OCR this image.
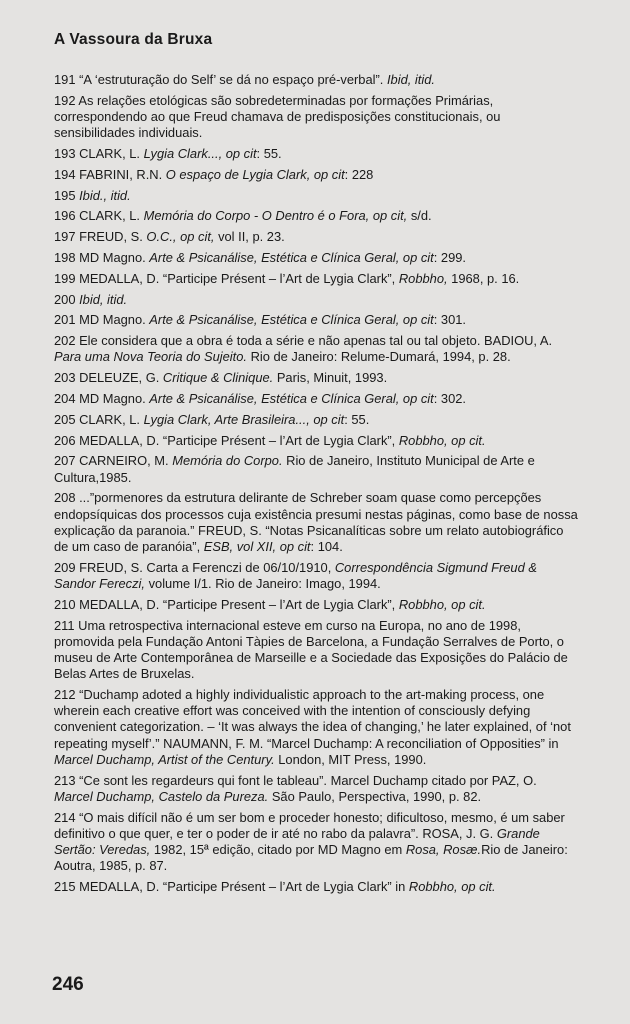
A Vassoura da Bruxa

191 “A ‘estruturação do Self’ se dá no espaço pré-verbal”. Ibid, itid.

192 As relações etológicas são sobredeterminadas por formações Primárias, correspondendo ao que Freud chamava de predisposições constitucionais, ou sensibilidades individuais.

193 CLARK, L. Lygia Clark..., op cit: 55.

194 FABRINI, R.N. O espaço de Lygia Clark, op cit: 228

195 Ibid., itid.

196 CLARK, L. Memória do Corpo - O Dentro é o Fora, op cit, s/d.

197 FREUD, S. O.C., op cit, vol II, p. 23.

198 MD Magno. Arte & Psicanálise, Estética e Clínica Geral, op cit: 299.

199 MEDALLA, D. “Participe Présent – l’Art de Lygia Clark”, Robbho, 1968, p. 16.

200 Ibid, itid.

201 MD Magno. Arte & Psicanálise, Estética e Clínica Geral, op cit: 301.

202 Ele considera que a obra é toda a série e não apenas tal ou tal objeto. BADIOU, A. Para uma Nova Teoria do Sujeito. Rio de Janeiro: Relume-Dumará, 1994, p. 28.

203 DELEUZE, G. Critique & Clinique. Paris, Minuit, 1993.

204 MD Magno. Arte & Psicanálise, Estética e Clínica Geral, op cit: 302.

205 CLARK, L. Lygia Clark, Arte Brasileira..., op cit: 55.

206 MEDALLA, D. “Participe Présent – l’Art de Lygia Clark”, Robbho, op cit.

207 CARNEIRO, M. Memória do Corpo. Rio de Janeiro, Instituto Municipal de Arte e Cultura,1985.

208 ...”pormenores da estrutura delirante de Schreber soam quase como percepções endopsíquicas dos processos cuja existência presumi nestas páginas, como base de nossa explicação da paranoia.” FREUD, S. “Notas Psicanalíticas sobre um relato autobiográfico de um caso de paranóia”, ESB, vol XII, op cit: 104.

209 FREUD, S. Carta a Ferenczi de 06/10/1910, Correspondência Sigmund Freud & Sandor Fereczi, volume I/1. Rio de Janeiro: Imago, 1994.

210 MEDALLA, D. “Participe Present – l’Art de Lygia Clark”, Robbho, op cit.

211 Uma retrospectiva internacional esteve em curso na Europa, no ano de 1998, promovida pela Fundação Antoni Tàpies de Barcelona, a Fundação Serralves de Porto, o museu de Arte Contemporânea de Marseille e a Sociedade das Exposições do Palácio de Belas Artes de Bruxelas.

212 “Duchamp adoted a highly individualistic approach to the art-making process, one wherein each creative effort was conceived with the intention of consciously defying convenient categorization. – ‘It was always the idea of changing,’ he later explained, of ‘not repeating myself’.” NAUMANN, F. M. “Marcel Duchamp: A reconciliation of Opposities” in Marcel Duchamp, Artist of the Century. London, MIT Press, 1990.

213 “Ce sont les regardeurs qui font le tableau”. Marcel Duchamp citado por PAZ, O. Marcel Duchamp, Castelo da Pureza. São Paulo, Perspectiva, 1990, p. 82.

214 “O mais difícil não é um ser bom e proceder honesto; dificultoso, mesmo, é um saber definitivo o que quer, e ter o poder de ir até no rabo da palavra”. ROSA, J. G. Grande Sertão: Veredas, 1982, 15ª edição, citado por MD Magno em Rosa, Rosæ.Rio de Janeiro: Aoutra, 1985, p. 87.

215 MEDALLA, D. “Participe Présent – l’Art de Lygia Clark” in Robbho, op cit.

246
